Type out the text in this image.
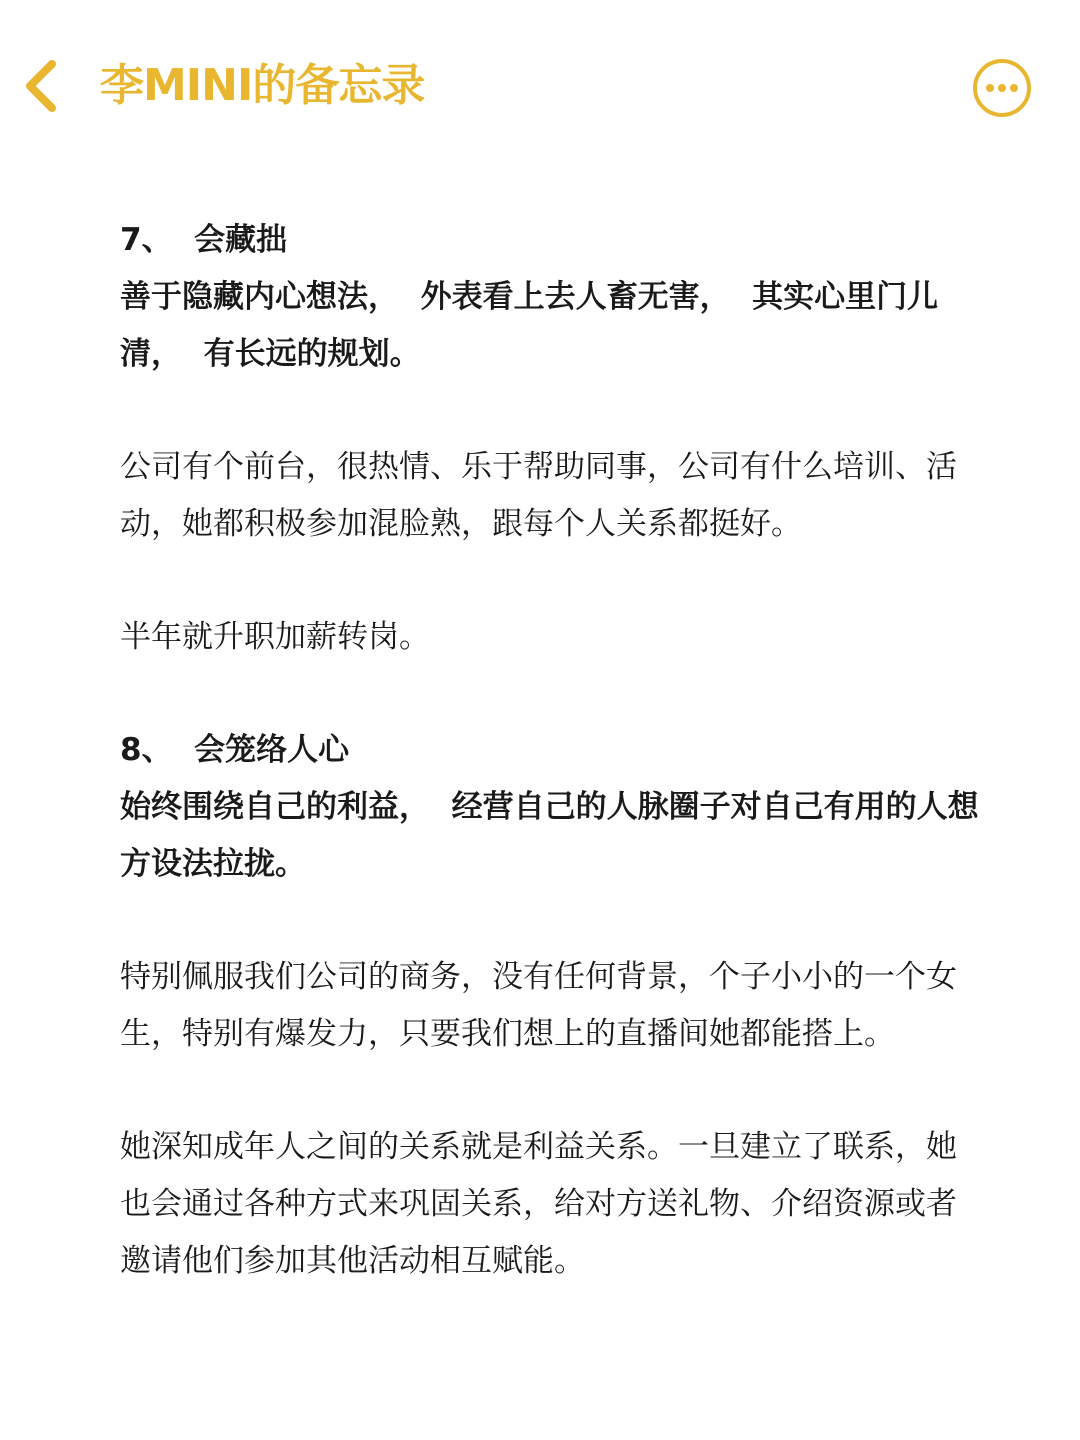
李MINI的备忘录

7、  会藏拙

善于隐藏内心想法，  外表看上去人畜无害，  其实心里门儿清，  有长远的规划。

公司有个前台，很热情、乐于帮助同事，公司有什么培训、活动，她都积极参加混脸熟，跟每个人关系都挺好。

半年就升职加薪转岗。

8、  会笼络人心

始终围绕自己的利益，  经营自己的人脉圈子对自己有用的人想方设法拉拢。

特别佩服我们公司的商务，没有任何背景，个子小小的一个女生，特别有爆发力，只要我们想上的直播间她都能搭上。

她深知成年人之间的关系就是利益关系。一旦建立了联系，她也会通过各种方式来巩固关系，给对方送礼物、介绍资源或者邀请他们参加其他活动相互赋能。
